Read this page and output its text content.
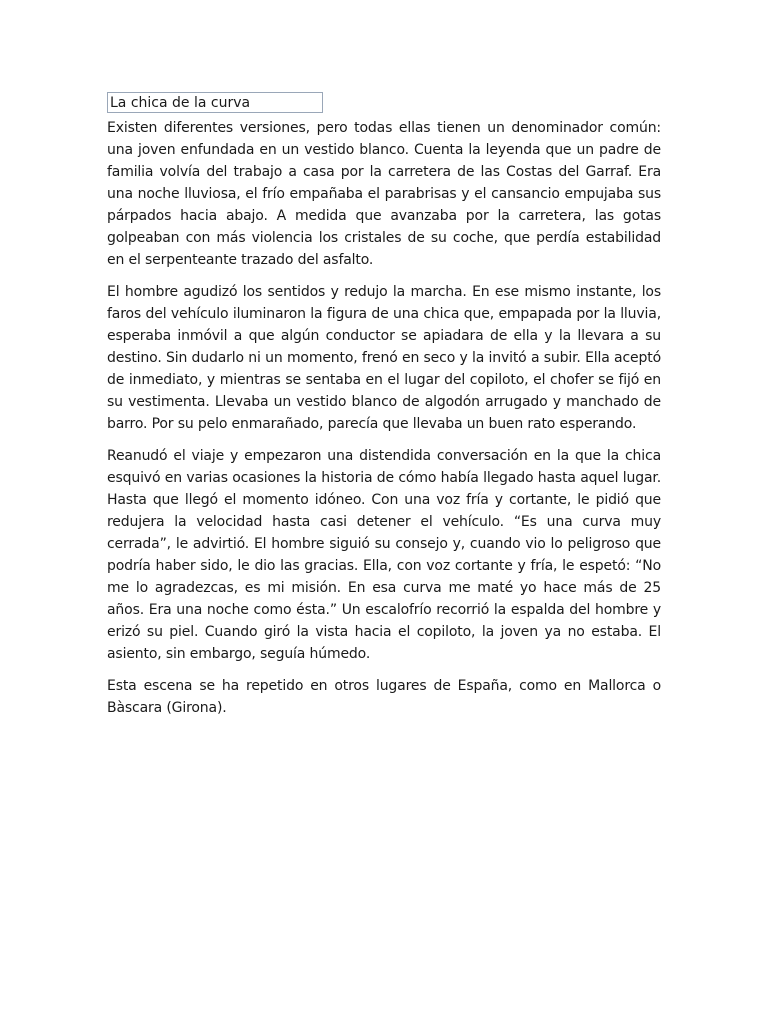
La chica de la curva

Existen diferentes versiones, pero todas ellas tienen un denominador común: una joven enfundada en un vestido blanco. Cuenta la leyenda que un padre de familia volvía del trabajo a casa por la carretera de las Costas del Garraf. Era una noche lluviosa, el frío empañaba el parabrisas y el cansancio empujaba sus párpados hacia abajo. A medida que avanzaba por la carretera, las gotas golpeaban con más violencia los cristales de su coche, que perdía estabilidad en el serpenteante trazado del asfalto.

El hombre agudizó los sentidos y redujo la marcha. En ese mismo instante, los faros del vehículo iluminaron la figura de una chica que, empapada por la lluvia, esperaba inmóvil a que algún conductor se apiadara de ella y la llevara a su destino. Sin dudarlo ni un momento, frenó en seco y la invitó a subir. Ella aceptó de inmediato, y mientras se sentaba en el lugar del copiloto, el chofer se fijó en su vestimenta. Llevaba un vestido blanco de algodón arrugado y manchado de barro. Por su pelo enmarañado, parecía que llevaba un buen rato esperando.

Reanudó el viaje y empezaron una distendida conversación en la que la chica esquivó en varias ocasiones la historia de cómo había llegado hasta aquel lugar. Hasta que llegó el momento idóneo. Con una voz fría y cortante, le pidió que redujera la velocidad hasta casi detener el vehículo. “Es una curva muy cerrada”, le advirtió. El hombre siguió su consejo y, cuando vio lo peligroso que podría haber sido, le dio las gracias. Ella, con voz cortante y fría, le espetó: “No me lo agradezcas, es mi misión. En esa curva me maté yo hace más de 25 años. Era una noche como ésta.” Un escalofrío recorrió la espalda del hombre y erizó su piel. Cuando giró la vista hacia el copiloto, la joven ya no estaba. El asiento, sin embargo, seguía húmedo.

Esta escena se ha repetido en otros lugares de España, como en Mallorca o Bàscara (Girona).
